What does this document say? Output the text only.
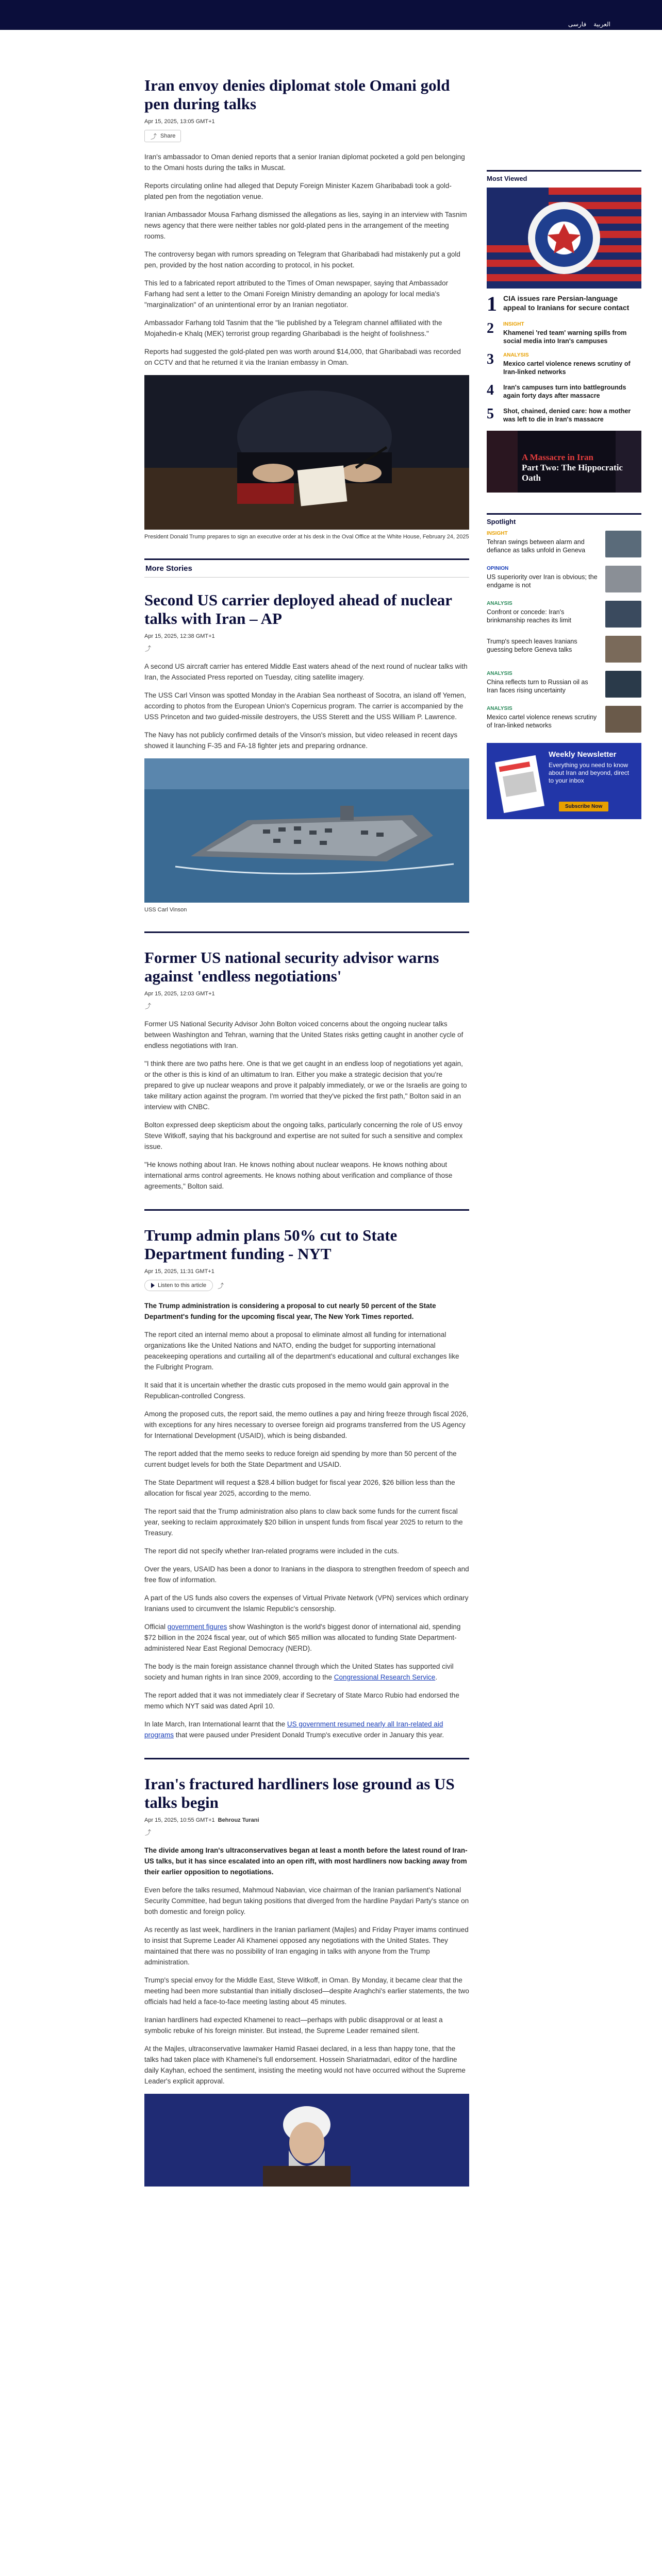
فارسی العربية
Iran envoy denies diplomat stole Omani gold pen during talks
Apr 15, 2025, 13:05 GMT+1
⤴ Share

Iran's ambassador to Oman denied reports that a senior Iranian diplomat pocketed a gold pen belonging to the Omani hosts during the talks in Muscat.

Reports circulating online had alleged that Deputy Foreign Minister Kazem Gharibabadi took a gold-plated pen from the negotiation venue.

Iranian Ambassador Mousa Farhang dismissed the allegations as lies, saying in an interview with Tasnim news agency that there were neither tables nor gold-plated pens in the arrangement of the meeting rooms.

The controversy began with rumors spreading on Telegram that Gharibabadi had mistakenly put a gold pen, provided by the host nation according to protocol, in his pocket.

This led to a fabricated report attributed to the Times of Oman newspaper, saying that Ambassador Farhang had sent a letter to the Omani Foreign Ministry demanding an apology for local media's "marginalization" of an unintentional error by an Iranian negotiator.

Ambassador Farhang told Tasnim that the "lie published by a Telegram channel affiliated with the Mojahedin-e Khalq (MEK) terrorist group regarding Gharibabadi is the height of foolishness."

Reports had suggested the gold-plated pen was worth around $14,000, that Gharibabadi was recorded on CCTV and that he returned it via the Iranian embassy in Oman.

President Donald Trump prepares to sign an executive order at his desk in the Oval Office at the White House, February 24, 2025
More Stories
Second US carrier deployed ahead of nuclear talks with Iran – AP
Apr 15, 2025, 12:38 GMT+1
⤴

A second US aircraft carrier has entered Middle East waters ahead of the next round of nuclear talks with Iran, the Associated Press reported on Tuesday, citing satellite imagery.

The USS Carl Vinson was spotted Monday in the Arabian Sea northeast of Socotra, an island off Yemen, according to photos from the European Union's Copernicus program. The carrier is accompanied by the USS Princeton and two guided-missile destroyers, the USS Sterett and the USS William P. Lawrence.

The Navy has not publicly confirmed details of the Vinson's mission, but video released in recent days showed it launching F-35 and FA-18 fighter jets and preparing ordnance.

USS Carl Vinson
Former US national security advisor warns against 'endless negotiations'
Apr 15, 2025, 12:03 GMT+1
⤴

Former US National Security Advisor John Bolton voiced concerns about the ongoing nuclear talks between Washington and Tehran, warning that the United States risks getting caught in another cycle of endless negotiations with Iran.

"I think there are two paths here. One is that we get caught in an endless loop of negotiations yet again, or the other is this is kind of an ultimatum to Iran. Either you make a strategic decision that you're prepared to give up nuclear weapons and prove it palpably immediately, or we or the Israelis are going to take military action against the program. I'm worried that they've picked the first path," Bolton said in an interview with CNBC.

Bolton expressed deep skepticism about the ongoing talks, particularly concerning the role of US envoy Steve Witkoff, saying that his background and expertise are not suited for such a sensitive and complex issue.

"He knows nothing about Iran. He knows nothing about nuclear weapons. He knows nothing about international arms control agreements. He knows nothing about verification and compliance of those agreements," Bolton said.

Trump admin plans 50% cut to State Department funding - NYT
Apr 15, 2025, 11:31 GMT+1
Listen to this article ⤴

The Trump administration is considering a proposal to cut nearly 50 percent of the State Department's funding for the upcoming fiscal year, The New York Times reported.

The report cited an internal memo about a proposal to eliminate almost all funding for international organizations like the United Nations and NATO, ending the budget for supporting international peacekeeping operations and curtailing all of the department's educational and cultural exchanges like the Fulbright Program.

It said that it is uncertain whether the drastic cuts proposed in the memo would gain approval in the Republican-controlled Congress.

Among the proposed cuts, the report said, the memo outlines a pay and hiring freeze through fiscal 2026, with exceptions for any hires necessary to oversee foreign aid programs transferred from the US Agency for International Development (USAID), which is being disbanded.

The report added that the memo seeks to reduce foreign aid spending by more than 50 percent of the current budget levels for both the State Department and USAID.

The State Department will request a $28.4 billion budget for fiscal year 2026, $26 billion less than the allocation for fiscal year 2025, according to the memo.

The report said that the Trump administration also plans to claw back some funds for the current fiscal year, seeking to reclaim approximately $20 billion in unspent funds from fiscal year 2025 to return to the Treasury.

The report did not specify whether Iran-related programs were included in the cuts.

Over the years, USAID has been a donor to Iranians in the diaspora to strengthen freedom of speech and free flow of information.

A part of the US funds also covers the expenses of Virtual Private Network (VPN) services which ordinary Iranians used to circumvent the Islamic Republic's censorship.

Official government figures show Washington is the world's biggest donor of international aid, spending $72 billion in the 2024 fiscal year, out of which $65 million was allocated to funding State Department-administered Near East Regional Democracy (NERD).

The body is the main foreign assistance channel through which the United States has supported civil society and human rights in Iran since 2009, according to the Congressional Research Service.

The report added that it was not immediately clear if Secretary of State Marco Rubio had endorsed the memo which NYT said was dated April 10.

In late March, Iran International learnt that the US government resumed nearly all Iran-related aid programs that were paused under President Donald Trump's executive order in January this year.

Iran's fractured hardliners lose ground as US talks begin
Apr 15, 2025, 10:55 GMT+1 Behrouz Turani
⤴

The divide among Iran's ultraconservatives began at least a month before the latest round of Iran-US talks, but it has since escalated into an open rift, with most hardliners now backing away from their earlier opposition to negotiations.

Even before the talks resumed, Mahmoud Nabavian, vice chairman of the Iranian parliament's National Security Committee, had begun taking positions that diverged from the hardline Paydari Party's stance on both domestic and foreign policy.

As recently as last week, hardliners in the Iranian parliament (Majles) and Friday Prayer imams continued to insist that Supreme Leader Ali Khamenei opposed any negotiations with the United States. They maintained that there was no possibility of Iran engaging in talks with anyone from the Trump administration.

Trump's special envoy for the Middle East, Steve Witkoff, in Oman. By Monday, it became clear that the meeting had been more substantial than initially disclosed—despite Araghchi's earlier statements, the two officials had held a face-to-face meeting lasting about 45 minutes.

Iranian hardliners had expected Khamenei to react—perhaps with public disapproval or at least a symbolic rebuke of his foreign minister. But instead, the Supreme Leader remained silent.

At the Majles, ultraconservative lawmaker Hamid Rasaei declared, in a less than happy tone, that the talks had taken place with Khamenei's full endorsement. Hossein Shariatmadari, editor of the hardline daily Kayhan, echoed the sentiment, insisting the meeting would not have occurred without the Supreme Leader's explicit approval.

Most Viewed
1 CIA issues rare Persian-language appeal to Iranians for secure contact
2	INSIGHT
Khamenei 'red team' warning spills from social media into Iran's campuses
3	ANALYSIS
Mexico cartel violence renews scrutiny of Iran-linked networks
4	Iran's campuses turn into battlegrounds again forty days after massacre
5	Shot, chained, denied care: how a mother was left to die in Iran's massacre
A Massacre in Iran
Part Two: The Hippocratic Oath
Spotlight
INSIGHT
Tehran swings between alarm and defiance as talks unfold in Geneva
OPINION
US superiority over Iran is obvious; the endgame is not
ANALYSIS
Confront or concede: Iran's brinkmanship reaches its limit
Trump's speech leaves Iranians guessing before Geneva talks
ANALYSIS
China reflects turn to Russian oil as Iran faces rising uncertainty
ANALYSIS
Mexico cartel violence renews scrutiny of Iran-linked networks
Weekly Newsletter
Everything you need to know about Iran and beyond, direct to your inbox
Subscribe Now
